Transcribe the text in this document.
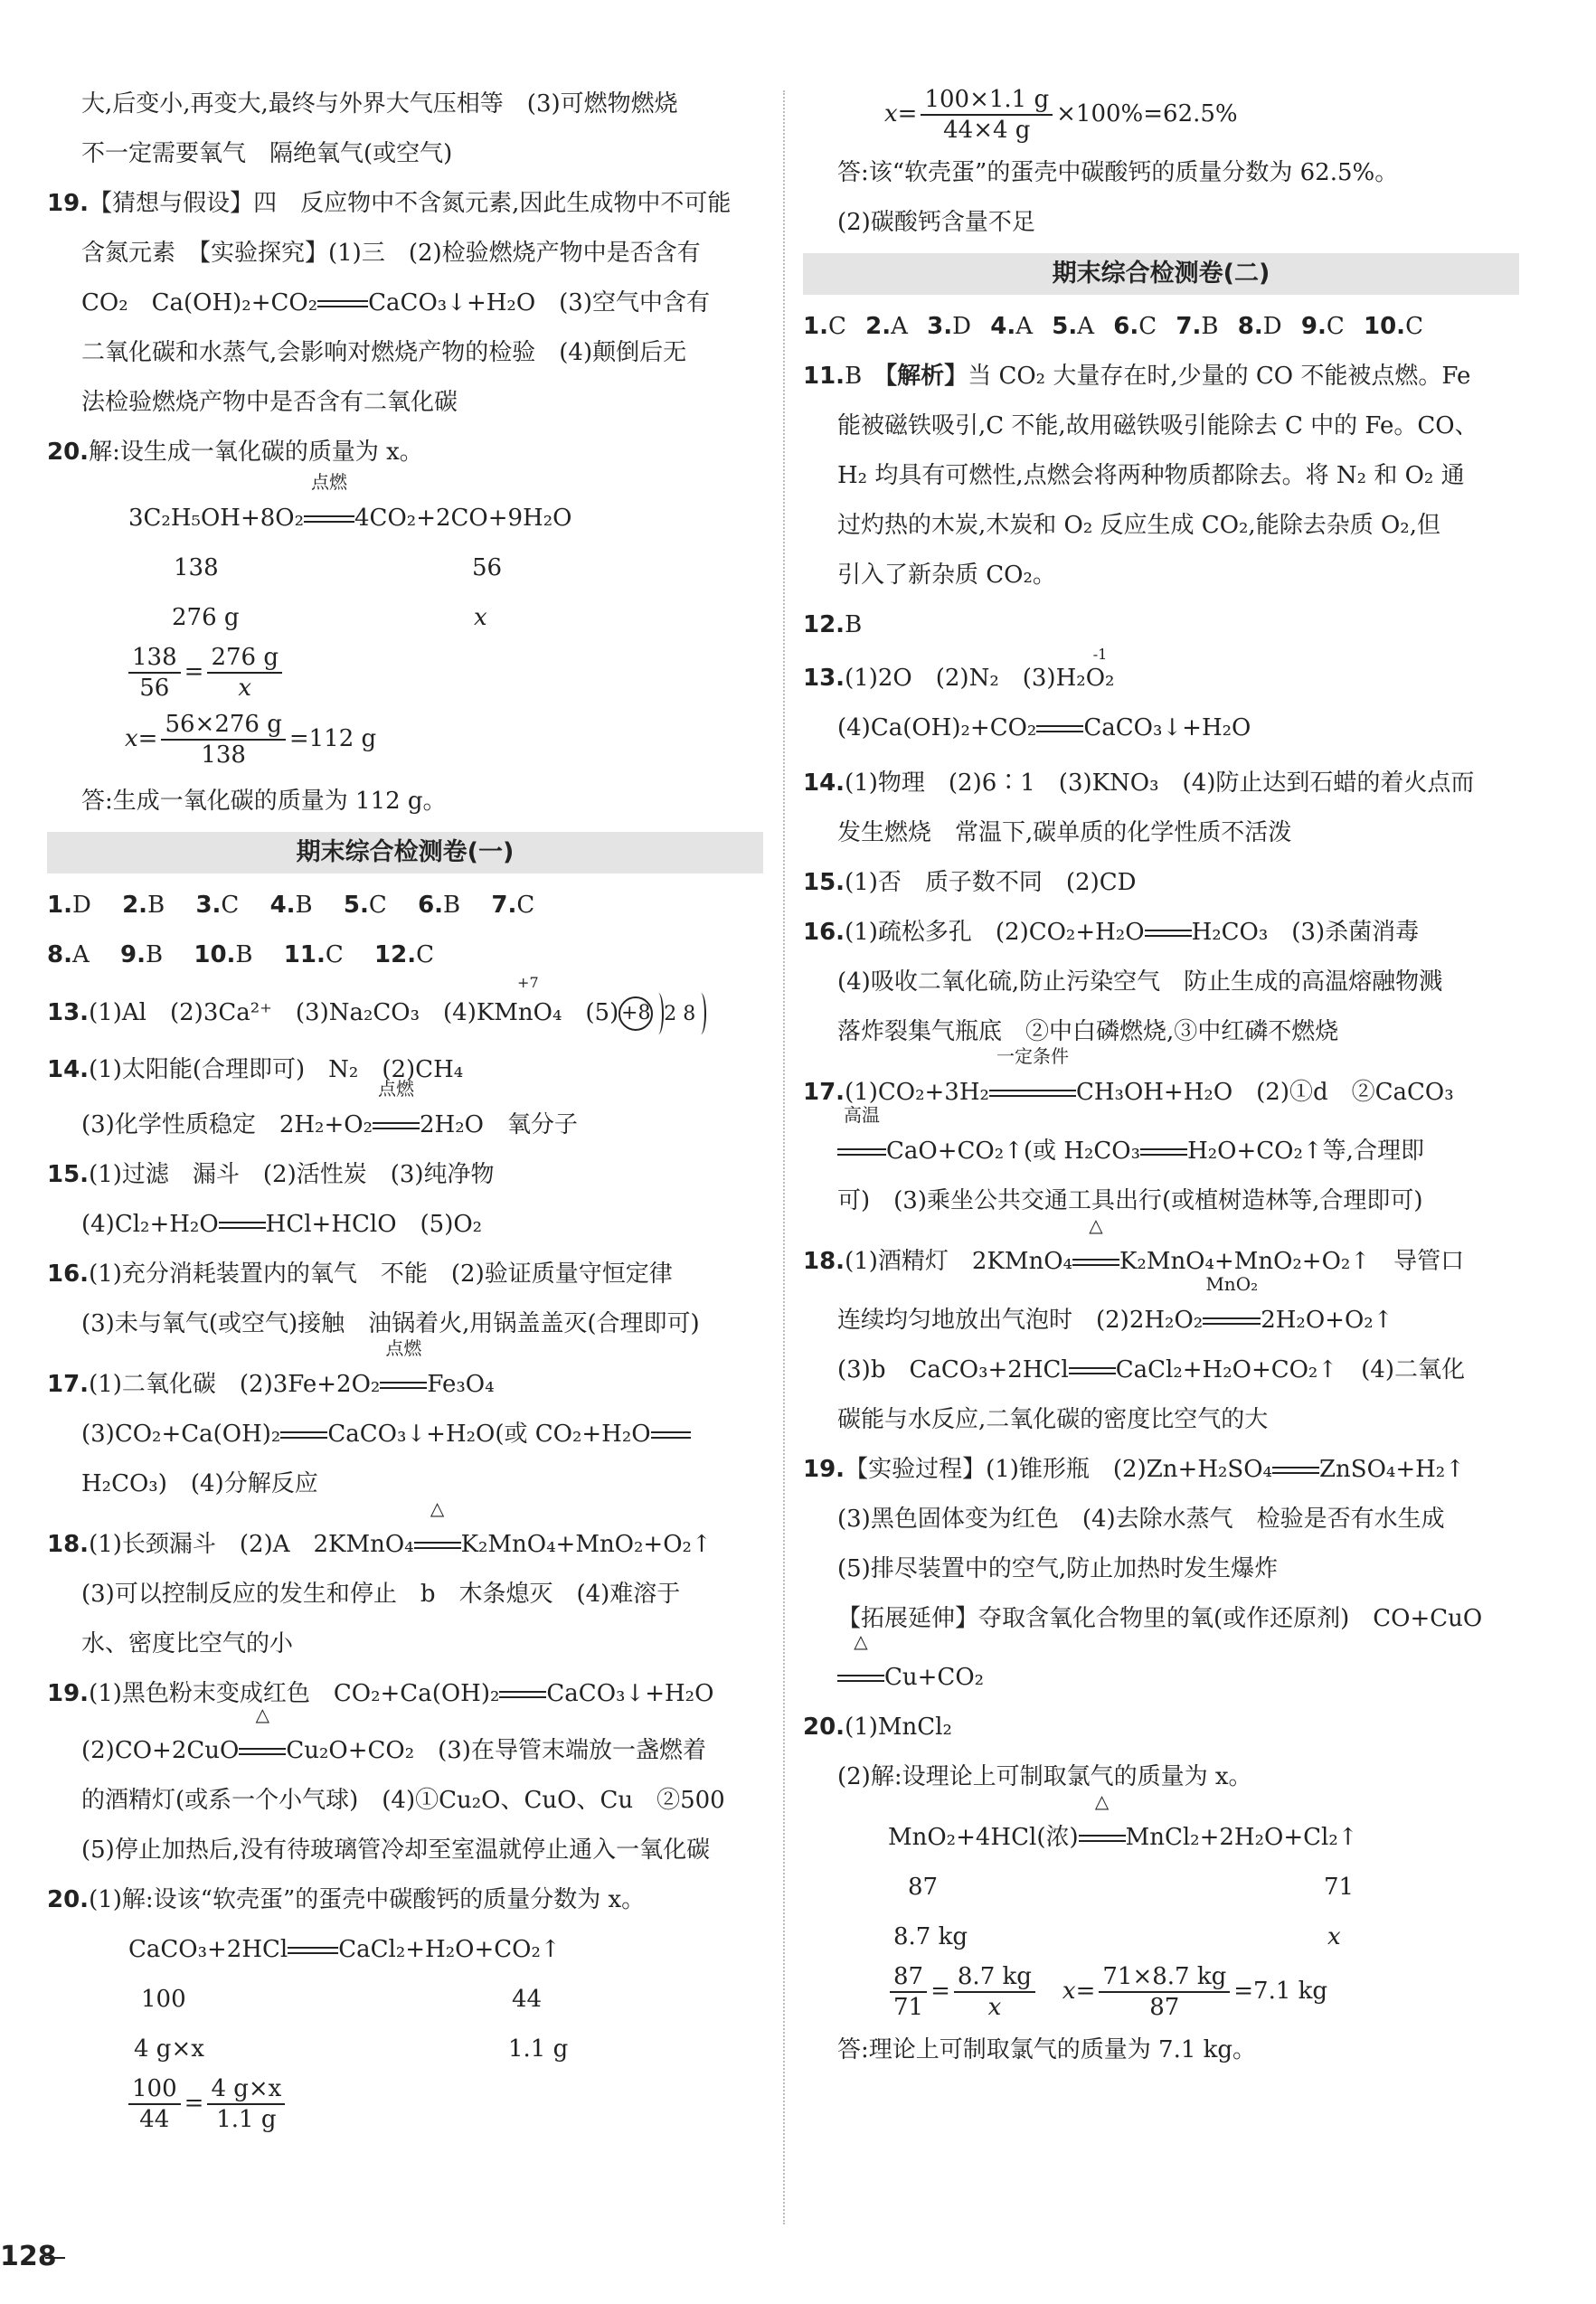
大,后变小,再变大,最终与外界大气压相等　(3)可燃物燃烧
不一定需要氧气　隔绝氧气(或空气)
19.【猜想与假设】四　反应物中不含氮元素,因此生成物中不可能
含氮元素　【实验探究】(1)三　(2)检验燃烧产物中是否含有
CO₂　Ca(OH)₂+CO₂ CaCO₃↓+H₂O　(3)空气中含有
二氧化碳和水蒸气,会影响对燃烧产物的检验　(4)颠倒后无
法检验燃烧产物中是否含有二氧化碳
20.解:设生成一氧化碳的质量为 x。
3C₂H₅OH+8O₂
点燃
4CO₂+2CO+9H₂O
138	56
276 g	x
$\frac{138}{56} = \frac{276 g}{x}$
$x= \frac{56\times 276 g}{138} =112$ g
答:生成一氧化碳的质量为 112 g。
期末综合检测卷(一)
1.D  2.B  3.C  4.B  5.C  6.B  7.C
8.A  9.B  10.B  11.C  12.C
13.(1)Al　(2)3Ca²⁺　(3)Na₂CO₃　(4)K
+7
MnO₄  (5) +8 2 8
14.(1)太阳能(合理即可)　N₂　(2)CH₄
(3)化学性质稳定　2H₂+O₂
点燃
2H₂O　氧分子
15.(1)过滤　漏斗　(2)活性炭　(3)纯净物
(4)Cl₂+H₂O HCl+HClO　(5)O₂
16.(1)充分消耗装置内的氧气　不能　(2)验证质量守恒定律
(3)未与氧气(或空气)接触　油锅着火,用锅盖盖灭(合理即可)
17.(1)二氧化碳　(2)3Fe+2O₂
点燃
Fe₃O₄
(3)CO₂+Ca(OH)₂ CaCO₃↓+H₂O(或 CO₂+H₂O
H₂CO₃)　(4)分解反应
18.(1)长颈漏斗　(2)A　2KMnO₄
△
K₂MnO₄+MnO₂+O₂↑
(3)可以控制反应的发生和停止　b　木条熄灭　(4)难溶于
水、密度比空气的小
19.(1)黑色粉末变成红色　CO₂+Ca(OH)₂ CaCO₃↓+H₂O
(2)CO+2CuO
△
Cu₂O+CO₂　(3)在导管末端放一盏燃着
的酒精灯(或系一个小气球)　(4)①Cu₂O、CuO、Cu　②500
(5)停止加热后,没有待玻璃管冷却至室温就停止通入一氧化碳
20.(1)解:设该“软壳蛋”的蛋壳中碳酸钙的质量分数为 x。
CaCO₃+2HCl CaCl₂+H₂O+CO₂↑
100	44
4 g×x	1.1 g
$\frac{100}{44} = \frac{4 g\times x}{1.1 g}$
$x= \frac{100\times 1.1 g}{44\times 4 g} \times 100\%=62.5\%$
答:该“软壳蛋”的蛋壳中碳酸钙的质量分数为 62.5%。
(2)碳酸钙含量不足
期末综合检测卷(二)
1.C  2.A  3.D  4.A  5.A  6.C  7.B  8.D  9.C  10.C
11.B  【解析】当 CO₂ 大量存在时,少量的 CO 不能被点燃。Fe
能被磁铁吸引,C 不能,故用磁铁吸引能除去 C 中的 Fe。CO、
H₂ 均具有可燃性,点燃会将两种物质都除去。将 N₂ 和 O₂ 通
过灼热的木炭,木炭和 O₂ 反应生成 CO₂,能除去杂质 O₂,但
引入了新杂质 CO₂。
12.B
13.(1)2O　(2)N₂　(3)H₂
-1
O₂
(4)Ca(OH)₂+CO₂ CaCO₃↓+H₂O
14.(1)物理　(2)6∶1　(3)KNO₃　(4)防止达到石蜡的着火点而
发生燃烧　常温下,碳单质的化学性质不活泼
15.(1)否　质子数不同　(2)CD
16.(1)疏松多孔　(2)CO₂+H₂O H₂CO₃　(3)杀菌消毒
(4)吸收二氧化硫,防止污染空气　防止生成的高温熔融物溅
落炸裂集气瓶底　②中白磷燃烧,③中红磷不燃烧
17.(1)CO₂+3H₂
一定条件
CH₃OH+H₂O　(2)①d　②CaCO₃
高温
CaO+CO₂↑(或 H₂CO₃ H₂O+CO₂↑等,合理即
可)　(3)乘坐公共交通工具出行(或植树造林等,合理即可)
18.(1)酒精灯　2KMnO₄
△
K₂MnO₄+MnO₂+O₂↑　导管口
连续均匀地放出气泡时　(2)2H₂O₂
MnO₂
2H₂O+O₂↑
(3)b　CaCO₃+2HCl CaCl₂+H₂O+CO₂↑　(4)二氧化
碳能与水反应,二氧化碳的密度比空气的大
19.【实验过程】(1)锥形瓶　(2)Zn+H₂SO₄ ZnSO₄+H₂↑
(3)黑色固体变为红色　(4)去除水蒸气　检验是否有水生成
(5)排尽装置中的空气,防止加热时发生爆炸
【拓展延伸】夺取含氧化合物里的氧(或作还原剂)　CO+CuO
△
Cu+CO₂
20.(1)MnCl₂
(2)解:设理论上可制取氯气的质量为 x。
MnO₂+4HCl(浓)
△
MnCl₂+2H₂O+Cl₂↑
87	71
8.7 kg	x
$\frac{87}{71} = \frac{8.7 kg}{x}$
  $x= \frac{71\times 8.7 kg}{87} =7.1$ kg
答:理论上可制取氯气的质量为 7.1 kg。
128
